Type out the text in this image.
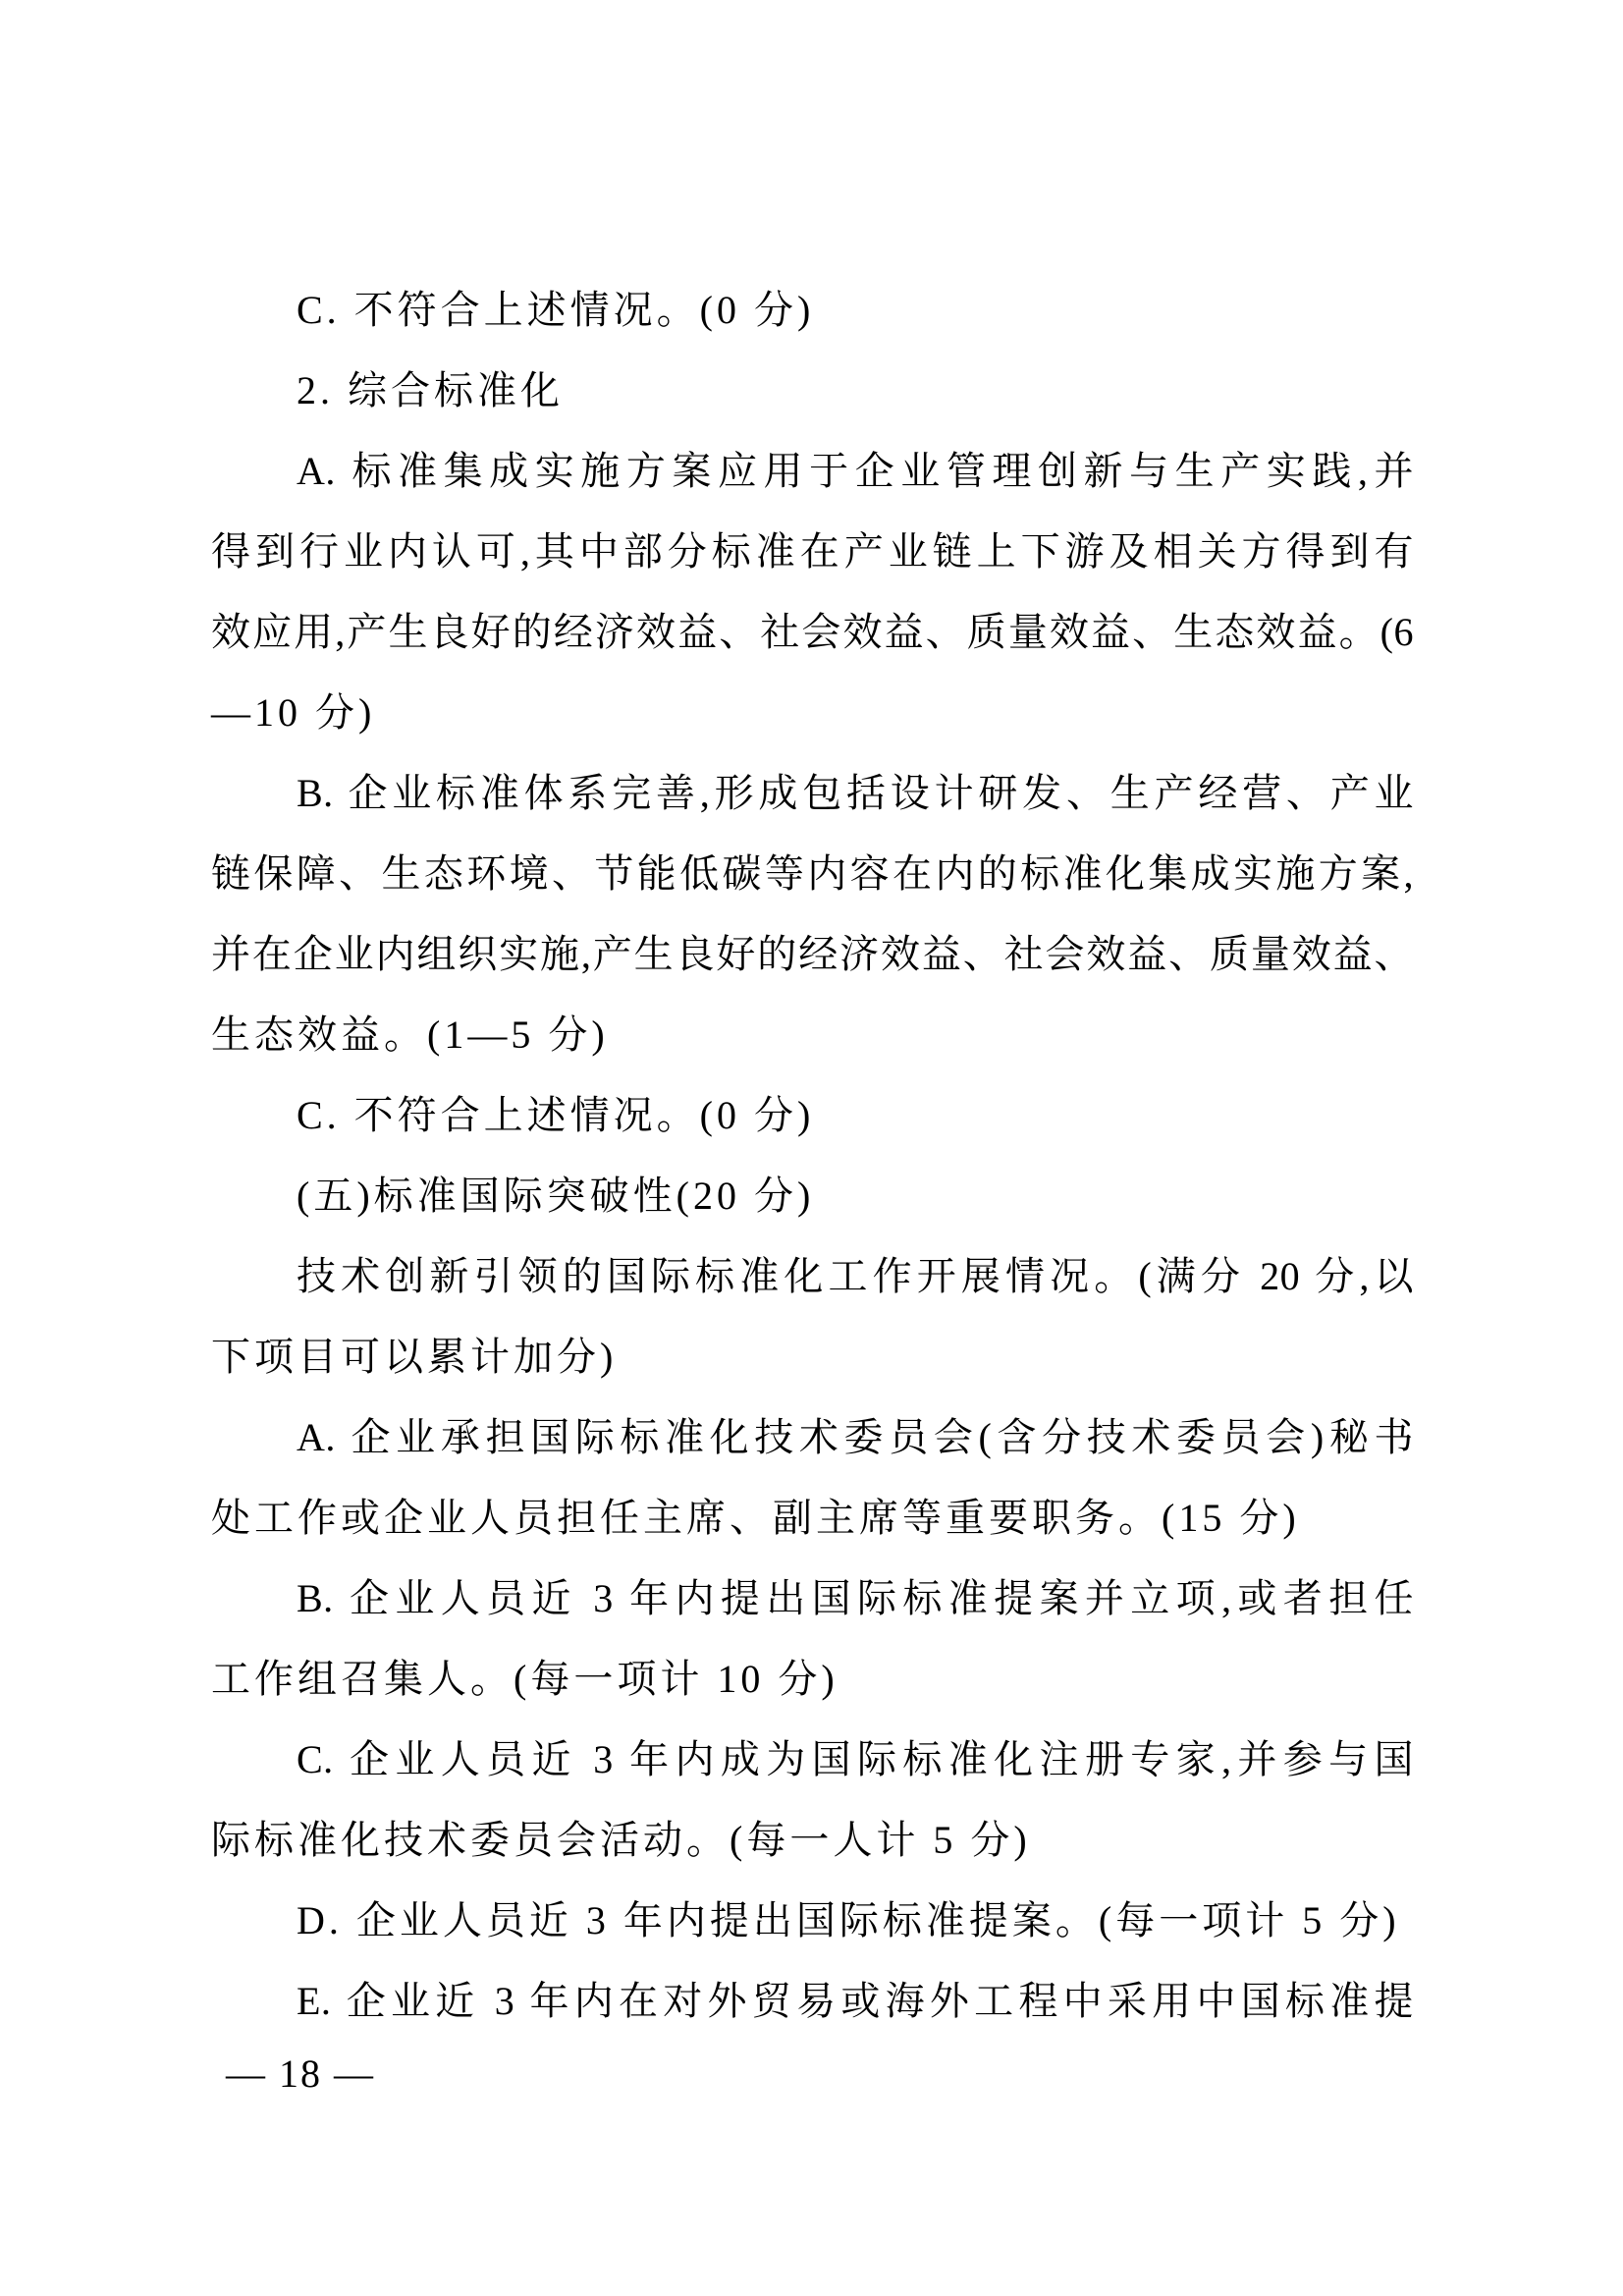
C. 不符合上述情况。(0 分)
2. 综合标准化
A. 标准集成实施方案应用于企业管理创新与生产实践,并
得到行业内认可,其中部分标准在产业链上下游及相关方得到有
效应用,产生良好的经济效益、社会效益、质量效益、生态效益。(6
—10 分)
B. 企业标准体系完善,形成包括设计研发、生产经营、产业
链保障、生态环境、节能低碳等内容在内的标准化集成实施方案,
并在企业内组织实施,产生良好的经济效益、社会效益、质量效益、
生态效益。(1—5 分)
C. 不符合上述情况。(0 分)
(五)标准国际突破性(20 分)
技术创新引领的国际标准化工作开展情况。(满分 20 分,以
下项目可以累计加分)
A. 企业承担国际标准化技术委员会(含分技术委员会)秘书
处工作或企业人员担任主席、副主席等重要职务。(15 分)
B. 企业人员近 3 年内提出国际标准提案并立项,或者担任
工作组召集人。(每一项计 10 分)
C. 企业人员近 3 年内成为国际标准化注册专家,并参与国
际标准化技术委员会活动。(每一人计 5 分)
D. 企业人员近 3 年内提出国际标准提案。(每一项计 5 分)
E. 企业近 3 年内在对外贸易或海外工程中采用中国标准提
— 18 —
